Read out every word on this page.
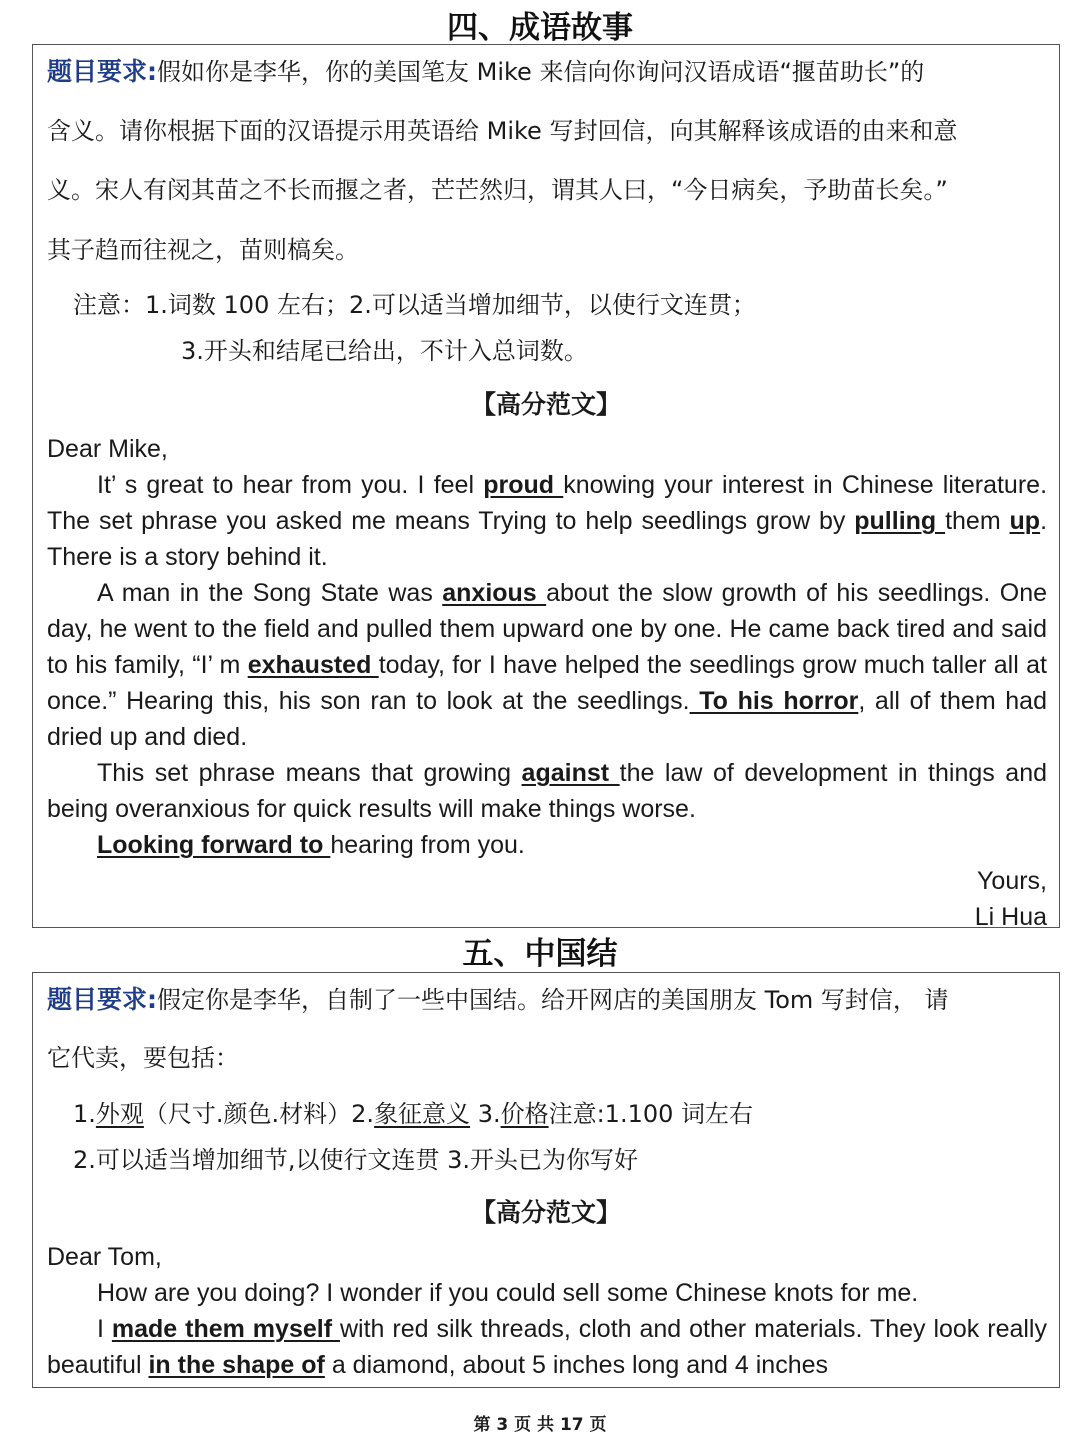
四、成语故事
题目要求:假如你是李华，你的美国笔友 Mike 来信向你询问汉语成语“揠苗助长”的
含义。请你根据下面的汉语提示用英语给 Mike 写封回信，向其解释该成语的由来和意
义。宋人有闵其苗之不长而揠之者，芒芒然归，谓其人曰，“今日病矣，予助苗长矣。”
其子趋而往视之，苗则槁矣。
注意：1.词数 100 左右；2.可以适当增加细节，以使行文连贯；
3.开头和结尾已给出，不计入总词数。
【高分范文】

Dear Mike,

It’ s great to hear from you. I feel proud knowing your interest in Chinese literature. The set phrase you asked me means Trying to help seedlings grow by pulling them up. There is a story behind it.

A man in the Song State was anxious about the slow growth of his seedlings. One day, he went to the field and pulled them upward one by one. He came back tired and said to his family, “I’ m exhausted today, for I have helped the seedlings grow much taller all at once.” Hearing this, his son ran to look at the seedlings. To his horror, all of them had dried up and died.

This set phrase means that growing against the law of development in things and being overanxious for quick results will make things worse.

Looking forward to hearing from you.

Yours,

Li Hua

五、中国结
题目要求:假定你是李华，自制了一些中国结。给开网店的美国朋友 Tom 写封信， 请
它代卖，要包括：
1.外观（尺寸.颜色.材料）2.象征意义 3.价格注意:1.100 词左右
2.可以适当增加细节,以使行文连贯 3.开头已为你写好
【高分范文】

Dear Tom,

How are you doing? I wonder if you could sell some Chinese knots for me.

I made them myself with red silk threads, cloth and other materials. They look really beautiful in the shape of a diamond, about 5 inches long and 4 inches

第 3 页 共 17 页
